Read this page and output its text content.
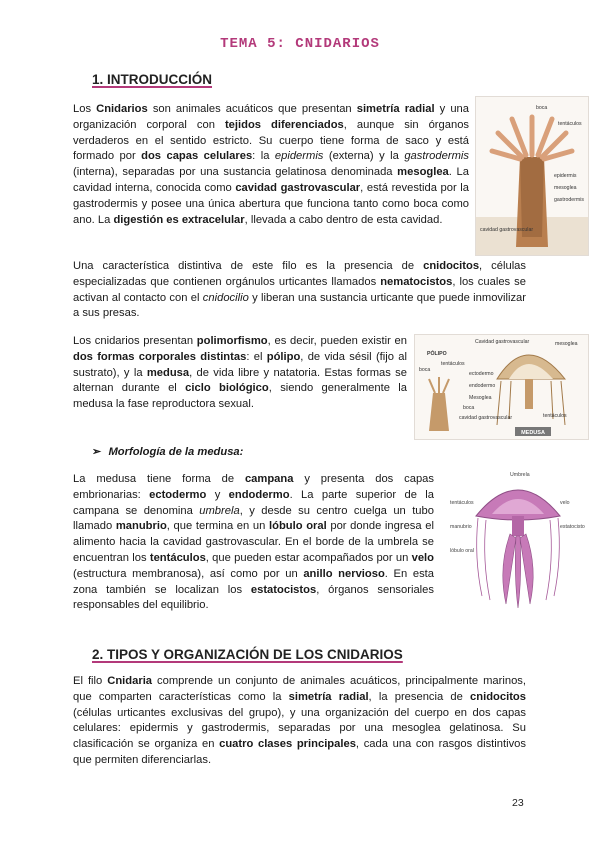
TEMA 5: CNIDARIOS
1. INTRODUCCIÓN
Los Cnidarios son animales acuáticos que presentan simetría radial y una organización corporal con tejidos diferenciados, aunque sin órganos verdaderos en el sentido estricto. Su cuerpo tiene forma de saco y está formado por dos capas celulares: la epidermis (externa) y la gastrodermis (interna), separadas por una sustancia gelatinosa denominada mesoglea. La cavidad interna, conocida como cavidad gastrovascular, está revestida por la gastrodermis y posee una única abertura que funciona tanto como boca como ano. La digestión es extracelular, llevada a cabo dentro de esta cavidad.
boca
tentáculos
epidermis
mesoglea
gastrodermis
cavidad gastrovascular
Una característica distintiva de este filo es la presencia de cnidocitos, células especializadas que contienen orgánulos urticantes llamados nematocistos, los cuales se activan al contacto con el cnidocilio y liberan una sustancia urticante que puede inmovilizar a sus presas.
Los cnidarios presentan polimorfismo, es decir, pueden existir en dos formas corporales distintas: el pólipo, de vida sésil (fijo al sustrato), y la medusa, de vida libre y natatoria. Estas formas se alternan durante el ciclo biológico, siendo generalmente la medusa la fase reproductora sexual.
PÓLIPO
boca
tentáculos
mesoglea
Cavidad gastrovascular
ectodermo
endodermo
Mesoglea
boca
cavidad gastrovascular	tentáculos
MEDUSA
➢ Morfología de la medusa:
La medusa tiene forma de campana y presenta dos capas embrionarias: ectodermo y endodermo. La parte superior de la campana se denomina umbrela, y desde su centro cuelga un tubo llamado manubrio, que termina en un lóbulo oral por donde ingresa el alimento hacia la cavidad gastrovascular. En el borde de la umbrela se encuentran los tentáculos, que pueden estar acompañados por un velo (estructura membranosa), así como por un anillo nervioso. En esta zona también se localizan los estatocistos, órganos sensoriales responsables del equilibrio.
Umbrela
tentáculos
manubrio
lóbulo oral
velo
estatocisto
2. TIPOS Y ORGANIZACIÓN DE LOS CNIDARIOS
El filo Cnidaria comprende un conjunto de animales acuáticos, principalmente marinos, que comparten características como la simetría radial, la presencia de cnidocitos (células urticantes exclusivas del grupo), y una organización del cuerpo en dos capas celulares: epidermis y gastrodermis, separadas por una mesoglea gelatinosa. Su clasificación se organiza en cuatro clases principales, cada una con rasgos distintivos que permiten diferenciarlas.
23
